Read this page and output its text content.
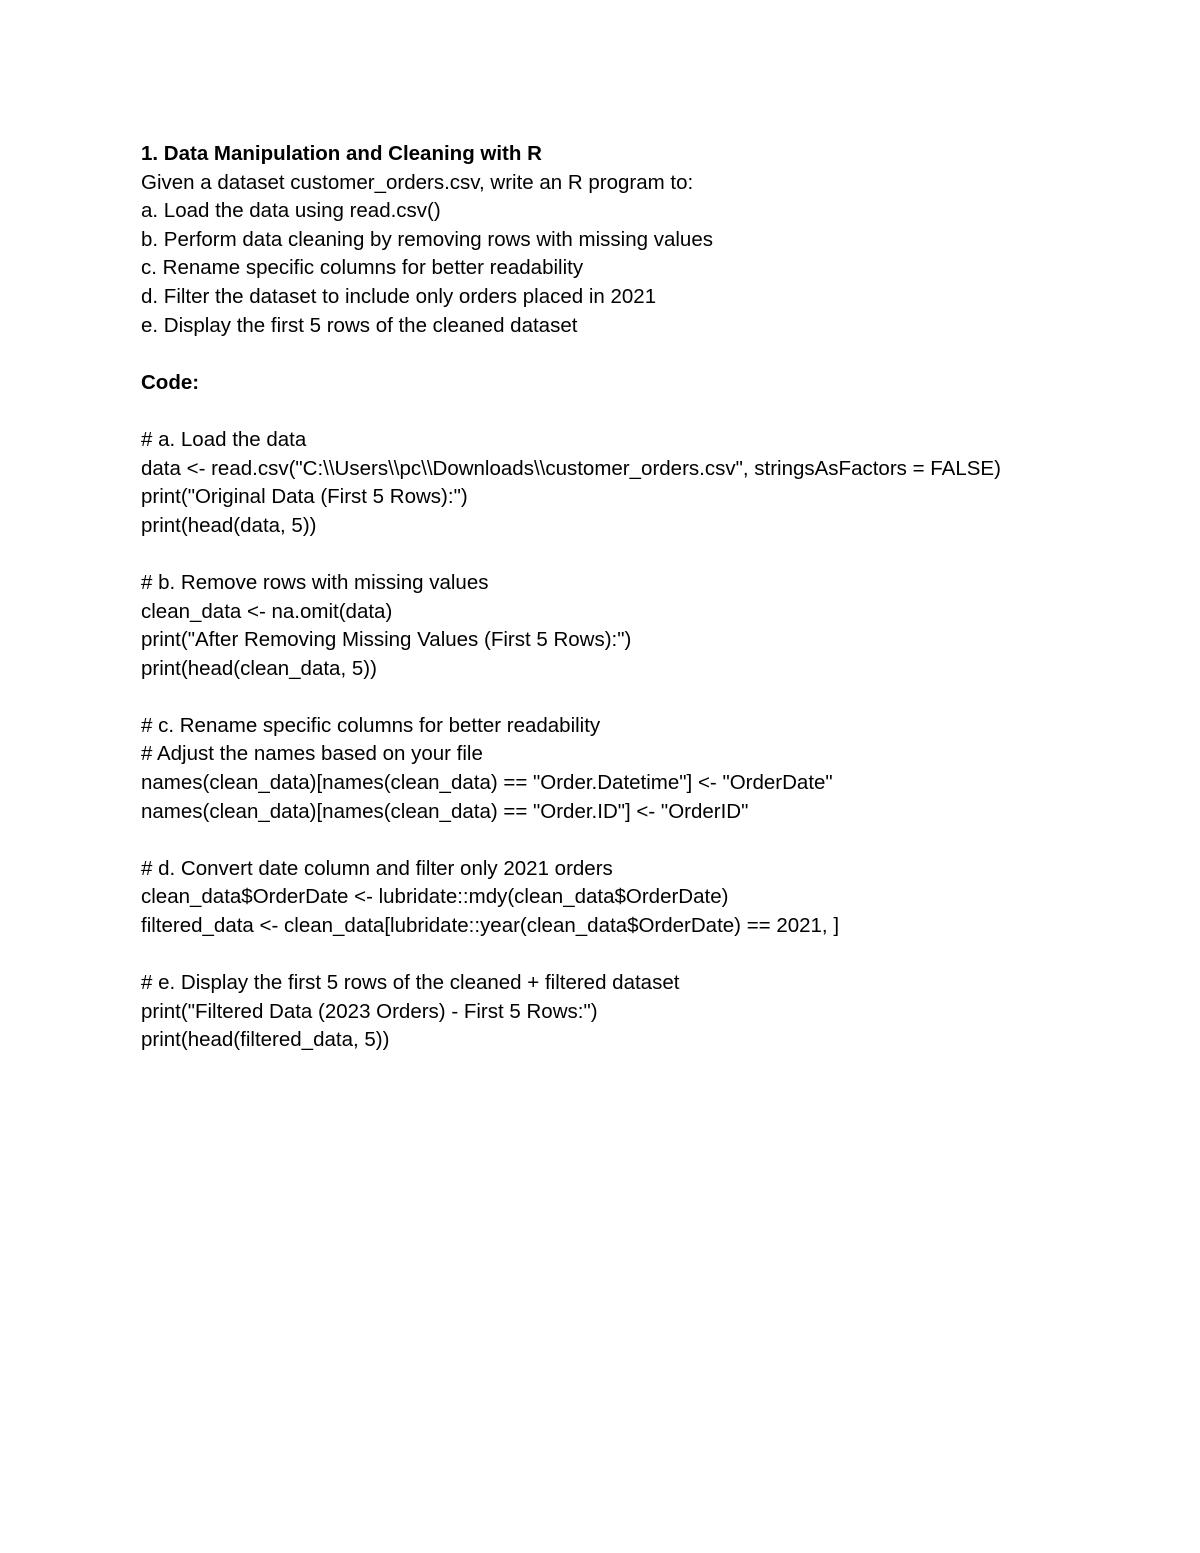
1. Data Manipulation and Cleaning with R
Given a dataset customer_orders.csv, write an R program to:
a. Load the data using read.csv()
b. Perform data cleaning by removing rows with missing values
c. Rename specific columns for better readability
d. Filter the dataset to include only orders placed in 2021
e. Display the first 5 rows of the cleaned dataset
Code:
# a. Load the data
data <- read.csv("C:\\Users\\pc\\Downloads\\customer_orders.csv", stringsAsFactors = FALSE)
print("Original Data (First 5 Rows):")
print(head(data, 5))
# b. Remove rows with missing values
clean_data <- na.omit(data)
print("After Removing Missing Values (First 5 Rows):")
print(head(clean_data, 5))
# c. Rename specific columns for better readability
# Adjust the names based on your file
names(clean_data)[names(clean_data) == "Order.Datetime"] <- "OrderDate"
names(clean_data)[names(clean_data) == "Order.ID"] <- "OrderID"
# d. Convert date column and filter only 2021 orders
clean_data$OrderDate <- lubridate::mdy(clean_data$OrderDate)
filtered_data <- clean_data[lubridate::year(clean_data$OrderDate) == 2021, ]
# e. Display the first 5 rows of the cleaned + filtered dataset
print("Filtered Data (2023 Orders) - First 5 Rows:")
print(head(filtered_data, 5))
